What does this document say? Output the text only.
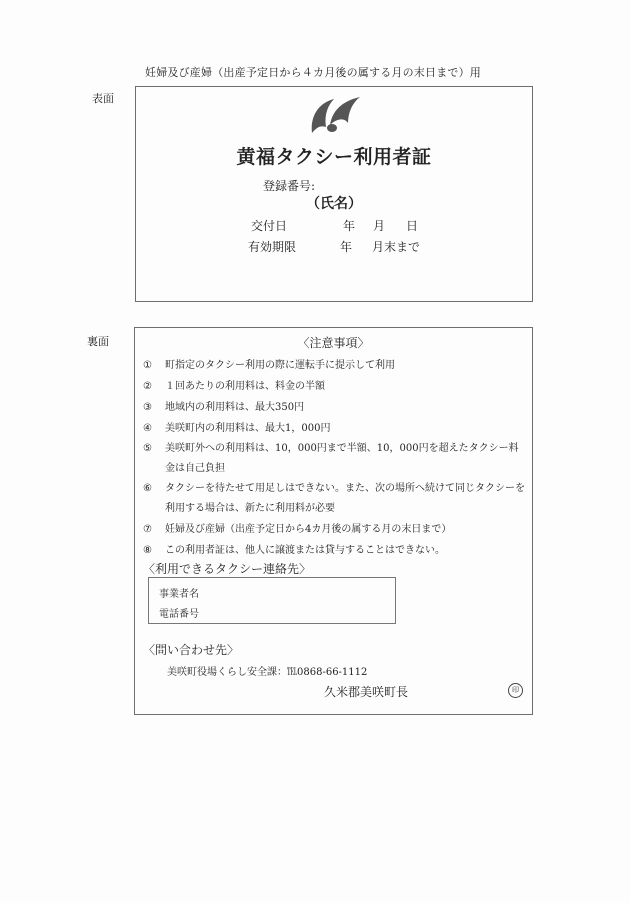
妊婦及び産婦（出産予定日から４カ月後の属する月の末日まで）用
表面
黄福タクシー利用者証
登録番号:
（氏名）
交付日	年 月 日
有効期限	年 月末まで
裏面	〈注意事項〉
① 町指定のタクシー利用の際に運転手に提示して利用
② １回あたりの利用料は、料金の半額
③ 地域内の利用料は、最大350円
④ 美咲町内の利用料は、最大1，000円
⑤ 美咲町外への利用料は、10，000円まで半額、10，000円を超えたタクシー料
金は自己負担
⑥ タクシーを待たせて用足しはできない。また、次の場所へ続けて同じタクシーを
利用する場合は、新たに利用料が必要
⑦ 妊婦及び産婦（出産予定日から4カ月後の属する月の末日まで）
⑧ この利用者証は、他人に譲渡または貸与することはできない。
〈利用できるタクシー連絡先〉
事業者名
電話番号
〈問い合わせ先〉
美咲町役場くらし安全課：℡0868-66-1112
久米郡美咲町長	印
